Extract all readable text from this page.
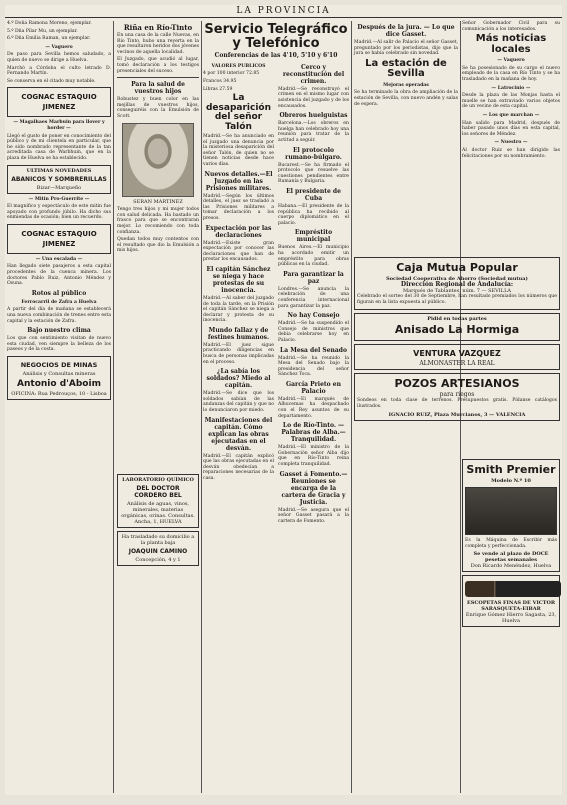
LA PROVINCIA

4.º Doña Ramona Moreno, ejemplar.

5.º Dña Pilar Mu, un ejemplar.

6.º Dña Emilia Raman, un ejemplar.

— Vaguero

De paso para Sevilla hemos saludado, a quien de nuevo se dirige a Huelva.

Marchó a Córdoba el culto letrado D. Fernando Martín.

Se conserva en el citado muy notable.

COGNAC ESTAQUIO JIMENEZ
— Magalhaes Marbuin para llover y horder —

Llegó el gusto de poner en conocimiento del público y de mi clientela en particular, que he sido nombrado representante de la tan acreditada casa de Warbhuin, que en la plaza de Huelva se ha establecido.

ULTIMAS NOVEDADES
ABANICOS Y SOMBRERILLAS
Bizar—Marqueño
— Mitin Pro-Guerrite —

El magnífico y espectáculo de este mitin fue apoyado con profundo júbilo. Ha dicho sus enmiendas de ocasión; bien un recuerdo.

COGNAC ESTAQUIO JIMENEZ
— Una escalada —

Han llegado siete pasajeros a esta capital procedentes de la cuenca minera. Los doctores Pablo Ruiz, Antonio Méndez y Osuna.

Rotos al público
Ferrocarril de Zafra a Huelva

A partir del día de mañana se establecerá una nueva combinación de trenes entre esta capital y la estación de Zafra.

Bajo nuestro clima

Los que con sentimiento visitan de nuevo esta ciudad, ven siempre la belleza de los paseos y de la costa.

NEGOCIOS DE MINAS
Análisis y Consultas mineras
Antonio d'Aboim
OFICINA: Rua Pedrouços, 10 - Lisboa
Riña en Río-Tinto

En una casa de la calle Nuevas, en Río Tinto, hubo una reyerta en la que resultaron heridos dos jóvenes vecinos de aquella localidad.

El Juzgado, que acudió al lugar, tomó declaración a los testigos presenciales del suceso.

Para la salud de vuestros hijos

Robustez y buen color en las mejillas de vuestros hijos, conseguiréis con la Emulsión de Scott.

SERAN MARTINEZ

Tengo tres hijos y mi mujer todos con salud delicada. Ha bastado un frasco para que se encontraran mejor. Lo recomiendo con toda confianza.

Quedan todos muy contentos con el resultado que dio la Emulsión a mis hijos.

LABORATORIO QUÍMICO
DEL DOCTOR CORDERO BEL
Análisis de aguas, vinos, minerales, materias orgánicas, orinas. Consultas.
Ancha, 1, HUELVA
Ha trasladado su domicilio a la planta baja
JOAQUIN CAMINO
Concepción, 4 y 1
Servicio Telegráfico y Telefónico
Conferencias de las 4'10, 5'10 y 6'10
VALORES PUBLICOS

4 por 100 interior 72.85

Francos 34.95

Libras 27.59

La desaparición del señor Talón

Madrid.—Se ha anunciado en el juzgado una denuncia por la misteriosa desaparición del señor Talón, de quien no se tienen noticias desde hace varios días.

Nuevos detalles.—El Juzgado en las Prisiones militares.

Madrid.—Según los últimos detalles, el juez se trasladó a las Prisiones militares a tomar declaración a los presos.

Expectación por las declaraciones

Madrid.—Existe gran expectación por conocer las declaraciones que han de prestar los encausados.

El capitán Sánchez se niega y hace protestas de su inocencia.

Madrid.—Al saber del juzgado de toda la tarde, en la Prisión el capitán Sánchez se niega a declarar y protesta de su inocencia.

Mundo fallaz y de festines humanos.

Madrid.—El juez sigue practicando diligencias en busca de personas implicadas en el proceso.

¿La sabía los soldados? Miedo al capitán.

Madrid.—Se dice que los soldados sabían de las andanzas del capitán y que no lo denunciaron por miedo.

Manifestaciones del capitán. Cómo explican las obras ejecutadas en el desván.

Madrid.—El capitán explicó que las obras ejecutadas en el desván obedecían a reparaciones necesarias de la casa.

Cerco y reconstitución del crimen.

Madrid.—Se reconstruyó el crimen en el mismo lugar con asistencia del juzgado y de los encausados.

Obreros huelguistas

Barcelona.—Los obreros en huelga han celebrado hoy una reunión para tratar de la actitud a seguir.

El protocolo rumano-búlgaro.

Bucarest.—Se ha firmado el protocolo que resuelve las cuestiones pendientes entre Rumanía y Bulgaria.

El presidente de Cuba

Habana.—El presidente de la república ha recibido al cuerpo diplomático en el palacio.

Empréstito municipal

Buenos Aires.—El municipio ha acordado emitir un empréstito para obras públicas en la ciudad.

Para garantizar la paz

Londres.—Se anuncia la celebración de una conferencia internacional para garantizar la paz.

No hay Consejo

Madrid.—Se ha suspendido el Consejo de ministros que debía celebrarse hoy en Palacio.

La Mesa del Senado

Madrid.—Se ha reunido la Mesa del Senado bajo la presidencia del señor Sánchez Toca.

García Prieto en Palacio

Madrid.—El marqués de Alhucemas ha despachado con el Rey asuntos de su departamento.

Lo de Río-Tinto. — Palabras de Alba.— Tranquilidad.

Madrid.—El ministro de la Gobernación señor Alba dijo que en Río-Tinto reina completa tranquilidad.

Gasset á Fomento.—Reuniones se encarga de la cartera de Gracia y Justicia.

Madrid.—Se asegura que el señor Gasset pasará a la cartera de Fomento.

Después de la jura. — Lo que dice Gasset.

Madrid.—Al salir de Palacio el señor Gasset, preguntado por los periodistas, dijo que la jura se había celebrado sin novedad.

La estación de Sevilla
Mejoras operadas

Se ha terminado la obra de ampliación de la estación de Sevilla, con nuevo andén y salas de espera.

Caja Mutua Popular
Sociedad Cooperativa de Ahorro (Sociedad mutua)
Dirección Regional de Andalucía:
Marqués de Tablantes, núm. 7 — SEVILLA

Celebrado el sorteo del 30 de Septiembre, han resultado premiados los números que figuran en la lista expuesta al público.

Pidid en todas partes
Anisado La Hormiga
VENTURA VAZQUEZ
ALMONASTER LA REAL
POZOS ARTESIANOS
para riegos

Sondeos en toda clase de terrenos. Presupuestos gratis. Pídanse catálogos ilustrados.

IGNACIO RUIZ, Plaza Murcianos, 3 — VALENCIA

Señor Gobernador Civil para su comunicación a los interesados.

Más noticias locales
— Vaquero

Se ha posesionado de su cargo el nuevo empleado de la casa en Río Tinto y se ha trasladado en la mañana de hoy.

— Latrocinio —

Desde la plaza de las Monjas hasta el muelle se han extraviado varios objetos de un vecino de esta capital.

— Los que marchan —

Han salido para Madrid, después de haber pasado unos días en esta capital, los señores de Méndez.

— Nuestro —

Al doctor Ruiz se han dirigido las felicitaciones por su nombramiento.

Smith Premier
Modelo N.º 10

Es la Máquina de Escribir más completa y perfeccionada.

Se vende al plazo de DOCE pesetas semanales
Don Ricardo Menéndez, Huelva
ESCOPETAS FINAS DE VICTOR SARASQUETA-EIBAR
Enrique Gómez Hierro Sagasta, 23, Huelva
